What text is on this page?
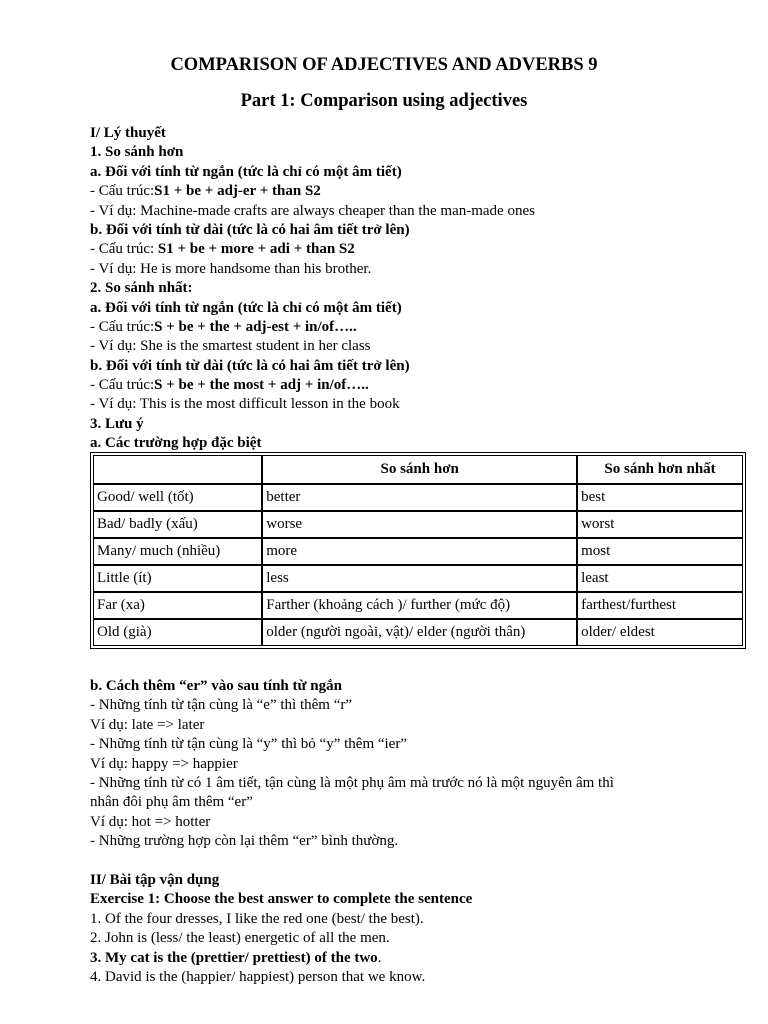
COMPARISON OF ADJECTIVES AND ADVERBS 9
Part 1: Comparison using adjectives
I/ Lý thuyết
1. So sánh hơn
a. Đối với tính từ ngắn (tức là chỉ có một âm tiết)
- Cấu trúc:S1 + be + adj-er + than S2
- Ví dụ: Machine-made crafts are always cheaper than the man-made ones
b. Đối với tính từ dài (tức là có hai âm tiết trở lên)
- Cấu trúc: S1 + be + more + adi + than S2
- Ví dụ: He is more handsome than his brother.
2. So sánh nhất:
a. Đối với tính từ ngắn (tức là chỉ có một âm tiết)
- Cấu trúc:S + be + the + adj-est + in/of…..
- Ví dụ: She is the smartest student in her class
b. Đối với tính từ dài (tức là có hai âm tiết trở lên)
- Cấu trúc:S + be + the most + adj + in/of…..
- Ví dụ: This is the most difficult lesson in the book
3. Lưu ý
a. Các trường hợp đặc biệt
	So sánh hơn	So sánh hơn nhất
Good/ well (tốt)	better	best
Bad/ badly (xấu)	worse	worst
Many/ much (nhiều)	more	most
Little (ít)	less	least
Far (xa)	Farther (khoảng cách )/ further (mức độ)	farthest/furthest
Old (già)	older (người ngoài, vật)/ elder (người thân)	older/ eldest
b. Cách thêm “er” vào sau tính từ ngắn
- Những tính từ tận cùng là “e” thì thêm “r”
Ví dụ: late => later
- Những tính từ tận cùng là “y” thì bỏ “y” thêm “ier”
Ví dụ: happy => happier
- Những tính từ có 1 âm tiết, tận cùng là một phụ âm mà trước nó là một nguyên âm thì
nhân đôi phụ âm thêm “er”
Ví dụ: hot => hotter
- Những trường hợp còn lại thêm “er” bình thường.
II/ Bài tập vận dụng
Exercise 1: Choose the best answer to complete the sentence
1. Of the four dresses, I like the red one (best/ the best).
2. John is (less/ the least) energetic of all the men.
3. My cat is the (prettier/ prettiest) of the two.
4. David is the (happier/ happiest) person that we know.
